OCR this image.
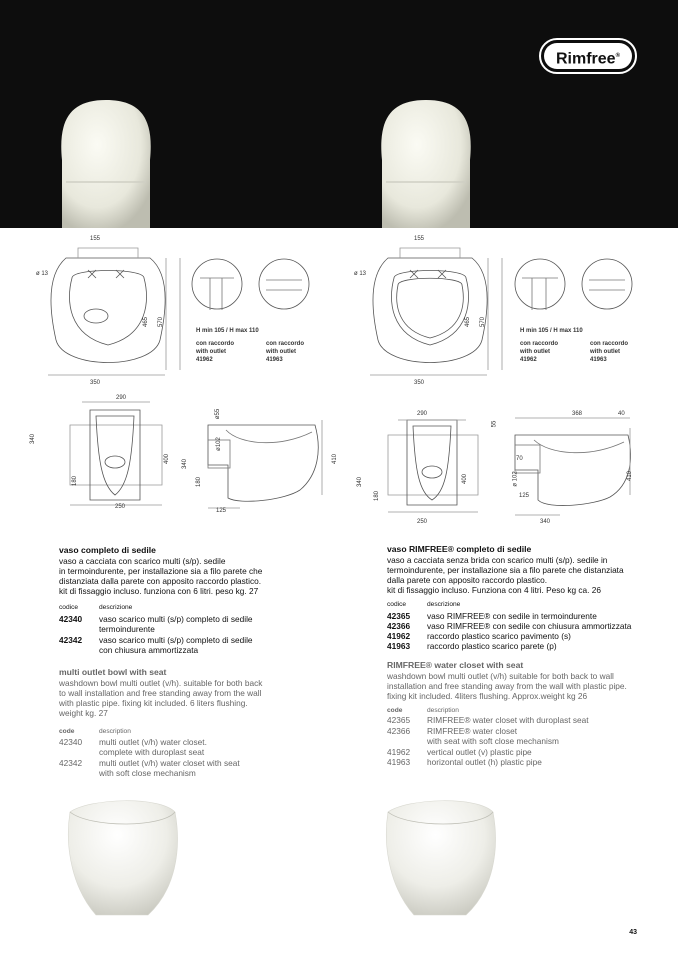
Rimfree®
155
ø 13
465 570
350
H min 105 / H max 110
con raccordo
with outlet
41962
con raccordo
with outlet
41963
290
340
180
400
250
ø55
340
ø102
180
410
125
155
ø 13
465 570
350
H min 105 / H max 110
con raccordo
with outlet
41962
con raccordo
with outlet
41963
290
340
180
400
250
368	40
55
70
ø 102
125
410
340
vaso completo di sedile
vaso a cacciata con scarico multi (s/p). sedile
in termoindurente, per installazione sia a filo parete che
distanziata dalla parete con apposito raccordo plastico.
kit di fissaggio incluso. funziona con 6 litri. peso kg. 27
codice	descrizione
42340 vaso scarico multi (s/p) completo di sedile
termoindurente
42342 vaso scarico multi (s/p) completo di sedile
con chiusura ammortizzata
multi outlet bowl with seat
washdown bowl multi outlet (v/h). suitable for both back
to wall installation and free standing away from the wall
with plastic pipe. fixing kit included. 6 liters flushing.
weight kg. 27
code	description
42340 multi outlet (v/h) water closet.
complete with duroplast seat
42342 multi outlet (v/h) water closet with seat
with soft close mechanism
vaso RIMFREE® completo di sedile
vaso a cacciata senza brida con scarico multi (s/p). sedile in
termoindurente, per installazione sia a filo parete che distanziata
dalla parete con apposito raccordo plastico.
kit di fissaggio incluso. Funziona con 4 litri. Peso kg ca. 26
codice	descrizione
42365 vaso RIMFREE® con sedile in termoindurente
42366 vaso RIMFREE® con sedile con chiusura ammortizzata
41962 raccordo plastico scarico pavimento (s)
41963 raccordo plastico scarico parete (p)
RIMFREE® water closet with seat
washdown bowl multi outlet (v/h) suitable for both back to wall
installation and free standing away from the wall with plastic pipe.
fixing kit included. 4liters flushing. Approx.weight kg 26
code	description
42365 RIMFREE® water closet with duroplast seat
42366 RIMFREE® water closet
with seat with soft close mechanism
41962 vertical outlet (v) plastic pipe
41963 horizontal outlet (h) plastic pipe
43
